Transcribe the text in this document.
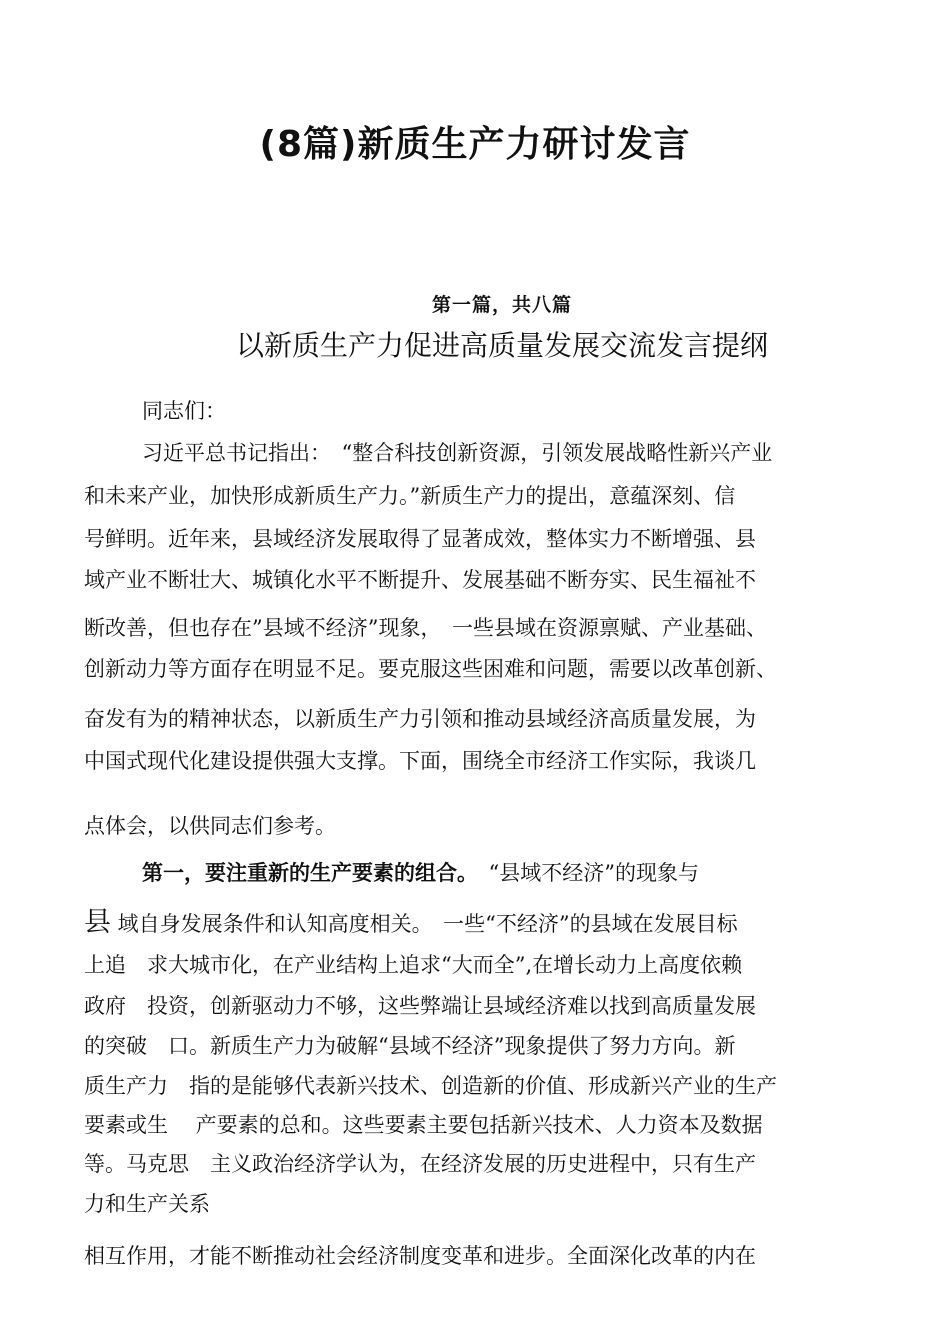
(8篇)新质生产力研讨发言
第一篇，共八篇
以新质生产力促进高质量发展交流发言提纲

同志们：

习近平总书记指出：　“整合科技创新资源，引领发展战略性新兴产业

和未来产业，加快形成新质生产力。”新质生产力的提出，意蕴深刻、信

号鲜明。近年来，县域经济发展取得了显著成效，整体实力不断增强、县

域产业不断壮大、城镇化水平不断提升、发展基础不断夯实、民生福祉不

断改善，但也存在”县域不经济”现象，　一些县域在资源禀赋、产业基础、

创新动力等方面存在明显不足。要克服这些困难和问题，需要以改革创新、

奋发有为的精神状态，以新质生产力引领和推动县域经济高质量发展，为

中国式现代化建设提供强大支撑。下面，围绕全市经济工作实际，我谈几

点体会，以供同志们参考。

第一，要注重新的生产要素的组合。　“县域不经济”的现象与

县 域自身发展条件和认知高度相关。　一些“不经济”的县域在发展目标

上追　求大城市化，在产业结构上追求“大而全”,在增长动力上高度依赖

政府　投资，创新驱动力不够，这些弊端让县域经济难以找到高质量发展

的突破　口。新质生产力为破解“县域不经济”现象提供了努力方向。新

质生产力　指的是能够代表新兴技术、创造新的价值、形成新兴产业的生产

要素或生　 产要素的总和。这些要素主要包括新兴技术、人力资本及数据

等。马克思　主义政治经济学认为，在经济发展的历史进程中，只有生产

力和生产关系

相互作用，才能不断推动社会经济制度变革和进步。全面深化改革的内在
